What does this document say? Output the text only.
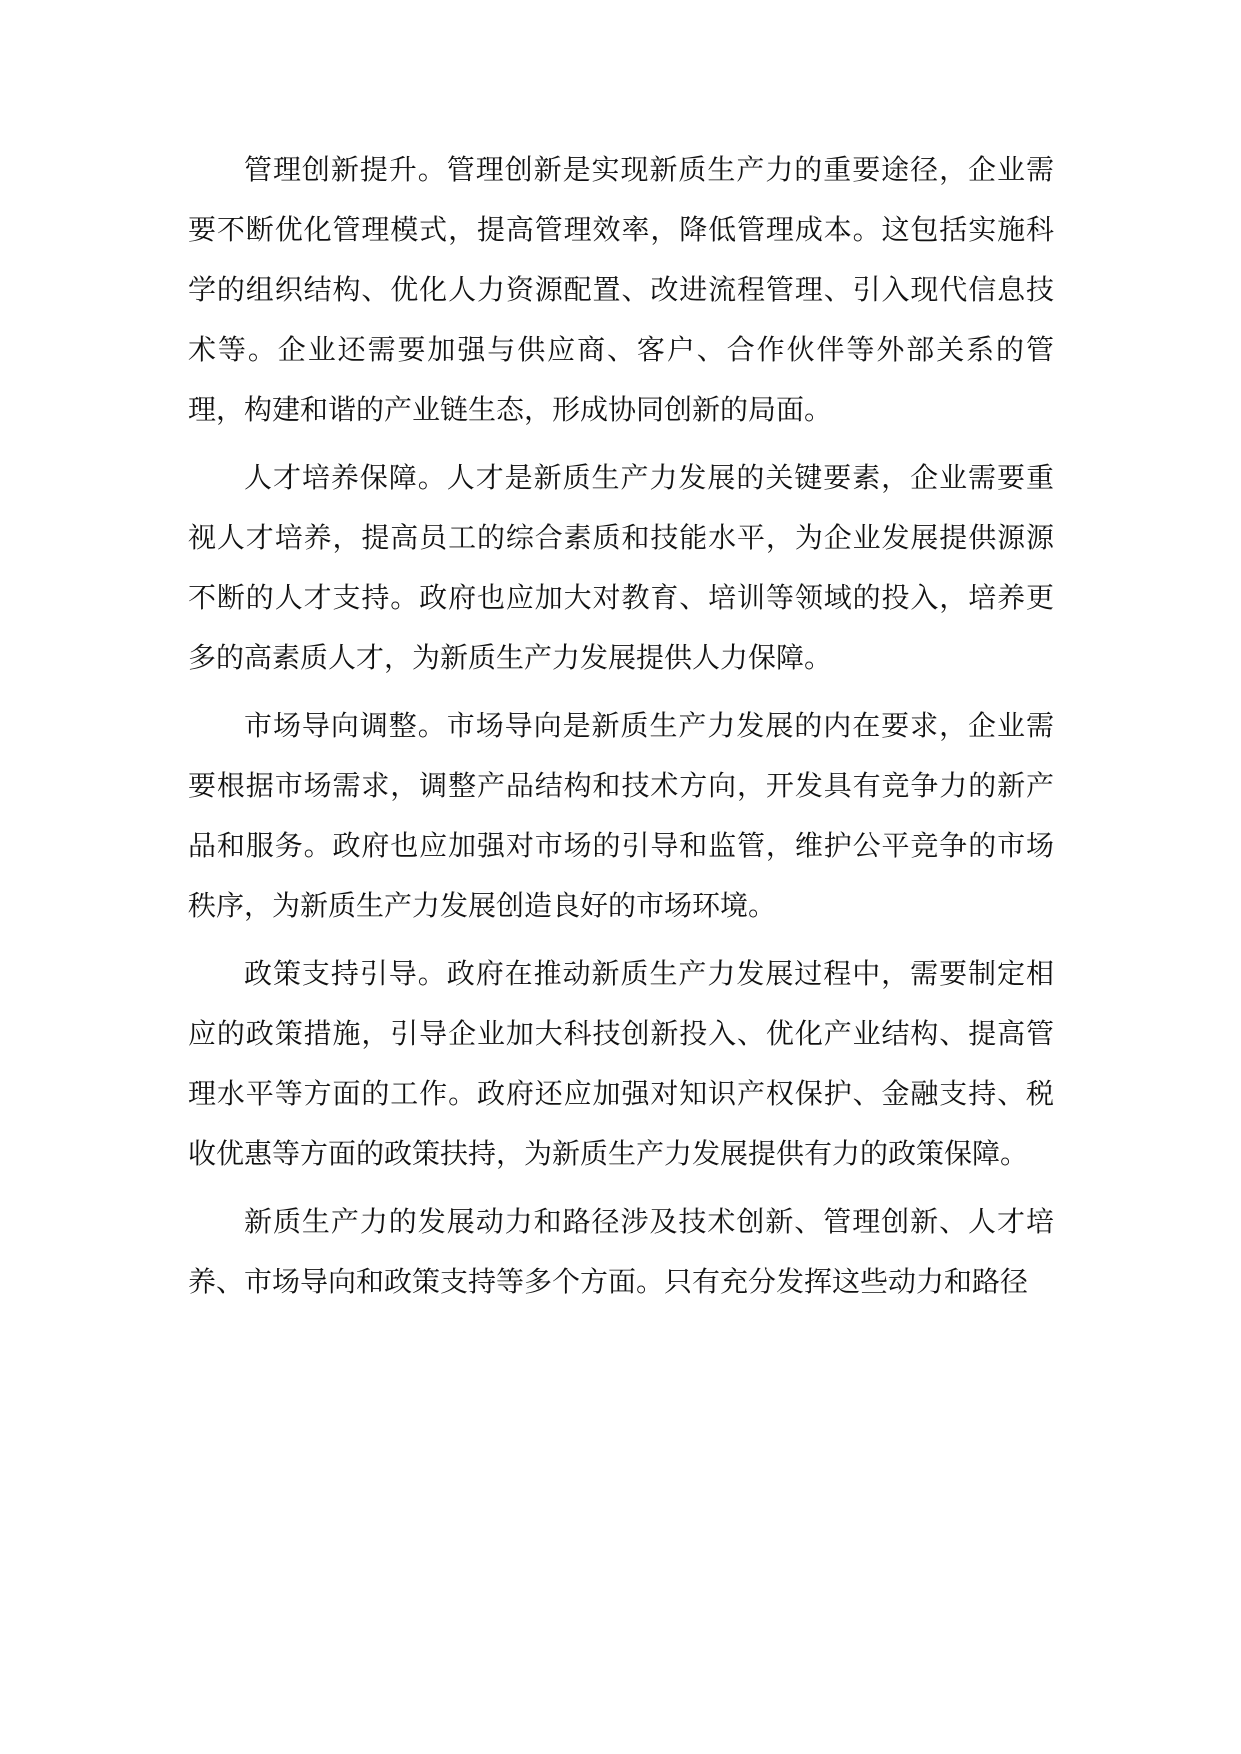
管理创新提升。管理创新是实现新质生产力的重要途径，企业需要不断优化管理模式，提高管理效率，降低管理成本。这包括实施科学的组织结构、优化人力资源配置、改进流程管理、引入现代信息技术等。企业还需要加强与供应商、客户、合作伙伴等外部关系的管理，构建和谐的产业链生态，形成协同创新的局面。

人才培养保障。人才是新质生产力发展的关键要素，企业需要重视人才培养，提高员工的综合素质和技能水平，为企业发展提供源源不断的人才支持。政府也应加大对教育、培训等领域的投入，培养更多的高素质人才，为新质生产力发展提供人力保障。

市场导向调整。市场导向是新质生产力发展的内在要求，企业需要根据市场需求，调整产品结构和技术方向，开发具有竞争力的新产品和服务。政府也应加强对市场的引导和监管，维护公平竞争的市场秩序，为新质生产力发展创造良好的市场环境。

政策支持引导。政府在推动新质生产力发展过程中，需要制定相应的政策措施，引导企业加大科技创新投入、优化产业结构、提高管理水平等方面的工作。政府还应加强对知识产权保护、金融支持、税收优惠等方面的政策扶持，为新质生产力发展提供有力的政策保障。

新质生产力的发展动力和路径涉及技术创新、管理创新、人才培养、市场导向和政策支持等多个方面。只有充分发挥这些动力和路径
